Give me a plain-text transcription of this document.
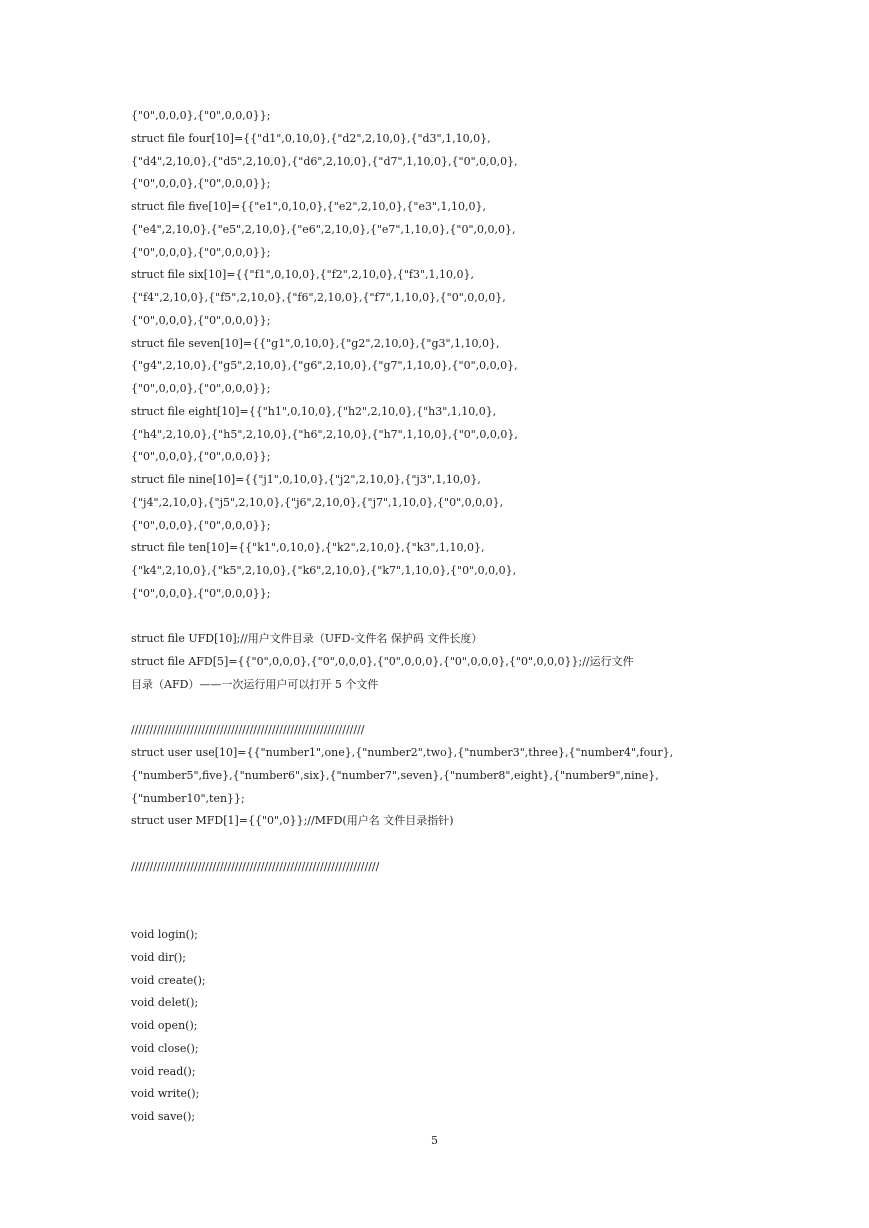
{"0",0,0,0},{"0",0,0,0}};
struct file four[10]={{"d1",0,10,0},{"d2",2,10,0},{"d3",1,10,0},
{"d4",2,10,0},{"d5",2,10,0},{"d6",2,10,0},{"d7",1,10,0},{"0",0,0,0},
{"0",0,0,0},{"0",0,0,0}};
struct file five[10]={{"e1",0,10,0},{"e2",2,10,0},{"e3",1,10,0},
{"e4",2,10,0},{"e5",2,10,0},{"e6",2,10,0},{"e7",1,10,0},{"0",0,0,0},
{"0",0,0,0},{"0",0,0,0}};
struct file six[10]={{"f1",0,10,0},{"f2",2,10,0},{"f3",1,10,0},
{"f4",2,10,0},{"f5",2,10,0},{"f6",2,10,0},{"f7",1,10,0},{"0",0,0,0},
{"0",0,0,0},{"0",0,0,0}};
struct file seven[10]={{"g1",0,10,0},{"g2",2,10,0},{"g3",1,10,0},
{"g4",2,10,0},{"g5",2,10,0},{"g6",2,10,0},{"g7",1,10,0},{"0",0,0,0},
{"0",0,0,0},{"0",0,0,0}};
struct file eight[10]={{"h1",0,10,0},{"h2",2,10,0},{"h3",1,10,0},
{"h4",2,10,0},{"h5",2,10,0},{"h6",2,10,0},{"h7",1,10,0},{"0",0,0,0},
{"0",0,0,0},{"0",0,0,0}};
struct file nine[10]={{"j1",0,10,0},{"j2",2,10,0},{"j3",1,10,0},
{"j4",2,10,0},{"j5",2,10,0},{"j6",2,10,0},{"j7",1,10,0},{"0",0,0,0},
{"0",0,0,0},{"0",0,0,0}};
struct file ten[10]={{"k1",0,10,0},{"k2",2,10,0},{"k3",1,10,0},
{"k4",2,10,0},{"k5",2,10,0},{"k6",2,10,0},{"k7",1,10,0},{"0",0,0,0},
{"0",0,0,0},{"0",0,0,0}};
struct file UFD[10];//用户文件目录（UFD-文件名 保护码 文件长度）
struct file AFD[5]={{"0",0,0,0},{"0",0,0,0},{"0",0,0,0},{"0",0,0,0},{"0",0,0,0}};//运行文件
目录（AFD）——一次运行用户可以打开 5 个文件
///////////////////////////////////////////////////////////////
struct user use[10]={{"number1",one},{"number2",two},{"number3",three},{"number4",four},
{"number5",five},{"number6",six},{"number7",seven},{"number8",eight},{"number9",nine},
{"number10",ten}};
struct user MFD[1]={{"0",0}};//MFD(用户名 文件目录指针)
///////////////////////////////////////////////////////////////////
void login();
void dir();
void create();
void delet();
void open();
void close();
void read();
void write();
void save();
5
